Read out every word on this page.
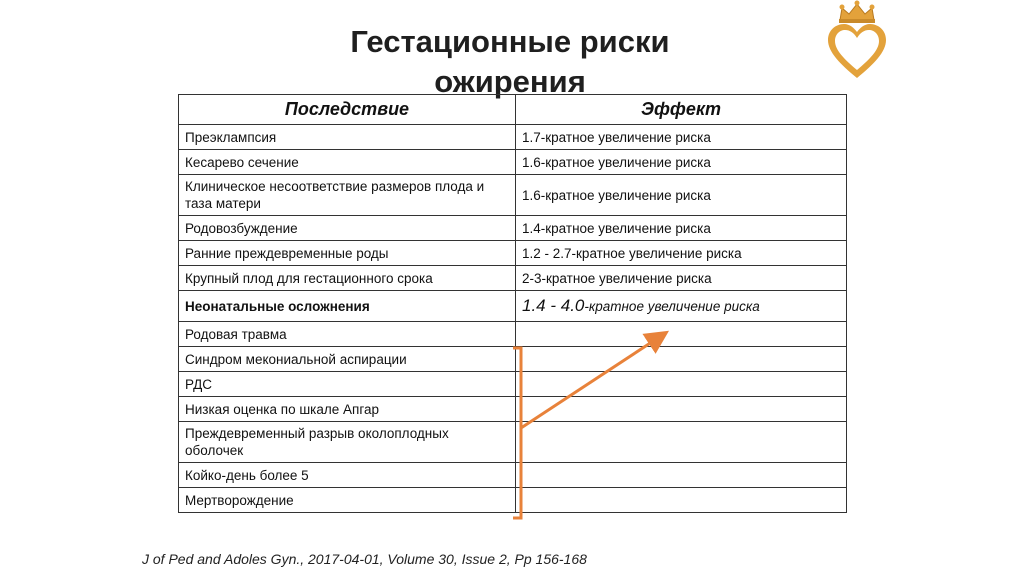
Гестационные риски
ожирения
Последствие	Эффект
Преэклампсия	1.7-кратное увеличение риска
Кесарево сечение	1.6-кратное увеличение риска
Клиническое несоответствие размеров плода и таза матери	1.6-кратное увеличение риска
Родовозбуждение	1.4-кратное увеличение риска
Ранние преждевременные роды	1.2 - 2.7-кратное увеличение риска
Крупный плод для гестационного срока	2-3-кратное увеличение риска
Неонатальные осложнения	1.4 - 4.0-кратное увеличение риска
Родовая травма	
Синдром мекониальной аспирации	
РДС	
Низкая оценка по шкале Апгар	
Преждевременный разрыв околоплодных оболочек	
Койко-день более 5	
Мертворождение	
J of Ped and Adoles Gyn., 2017-04-01, Volume 30, Issue 2, Pp 156-168
